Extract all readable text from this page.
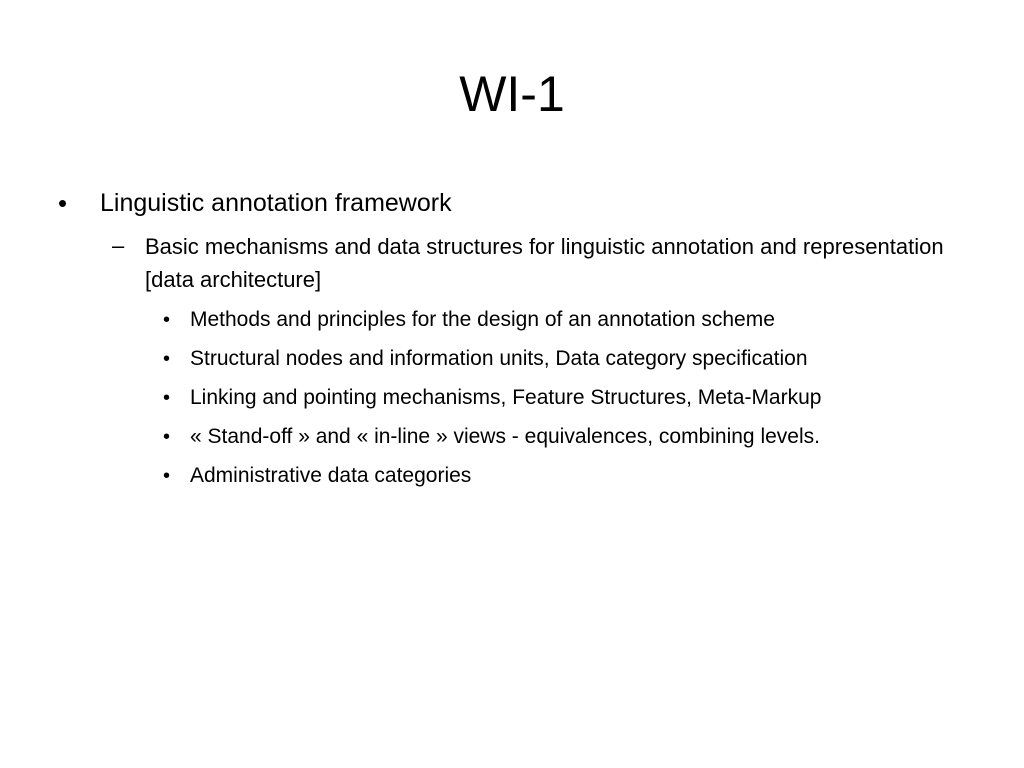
WI-1
• Linguistic annotation framework
– Basic mechanisms and data structures for linguistic annotation and representation [data architecture]
• Methods and principles for the design of an annotation scheme
• Structural nodes and information units, Data category specification
• Linking and pointing mechanisms, Feature Structures, Meta-Markup
• « Stand-off » and « in-line » views - equivalences, combining levels.
• Administrative data categories
